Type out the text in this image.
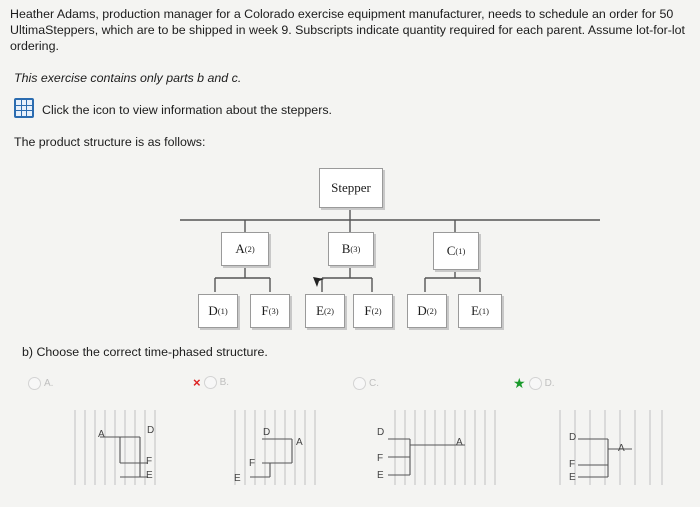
Heather Adams, production manager for a Colorado exercise equipment manufacturer, needs to schedule an order for 50 UltimaSteppers, which are to be shipped in week 9. Subscripts indicate quantity required for each parent. Assume lot-for-lot ordering.
This exercise contains only parts b and c.
Click the icon to view information about the steppers.
The product structure is as follows:
Stepper
A (2)	B (3)	C (1)
D (1)	F (3)	E (2) F (2)	D (2)	E (1)
b) Choose the correct time-phased structure.
A.	× B.	C.	★ D.
A	D
F
E
D
A
F
E
D
F
E
A	D
A
F
E
